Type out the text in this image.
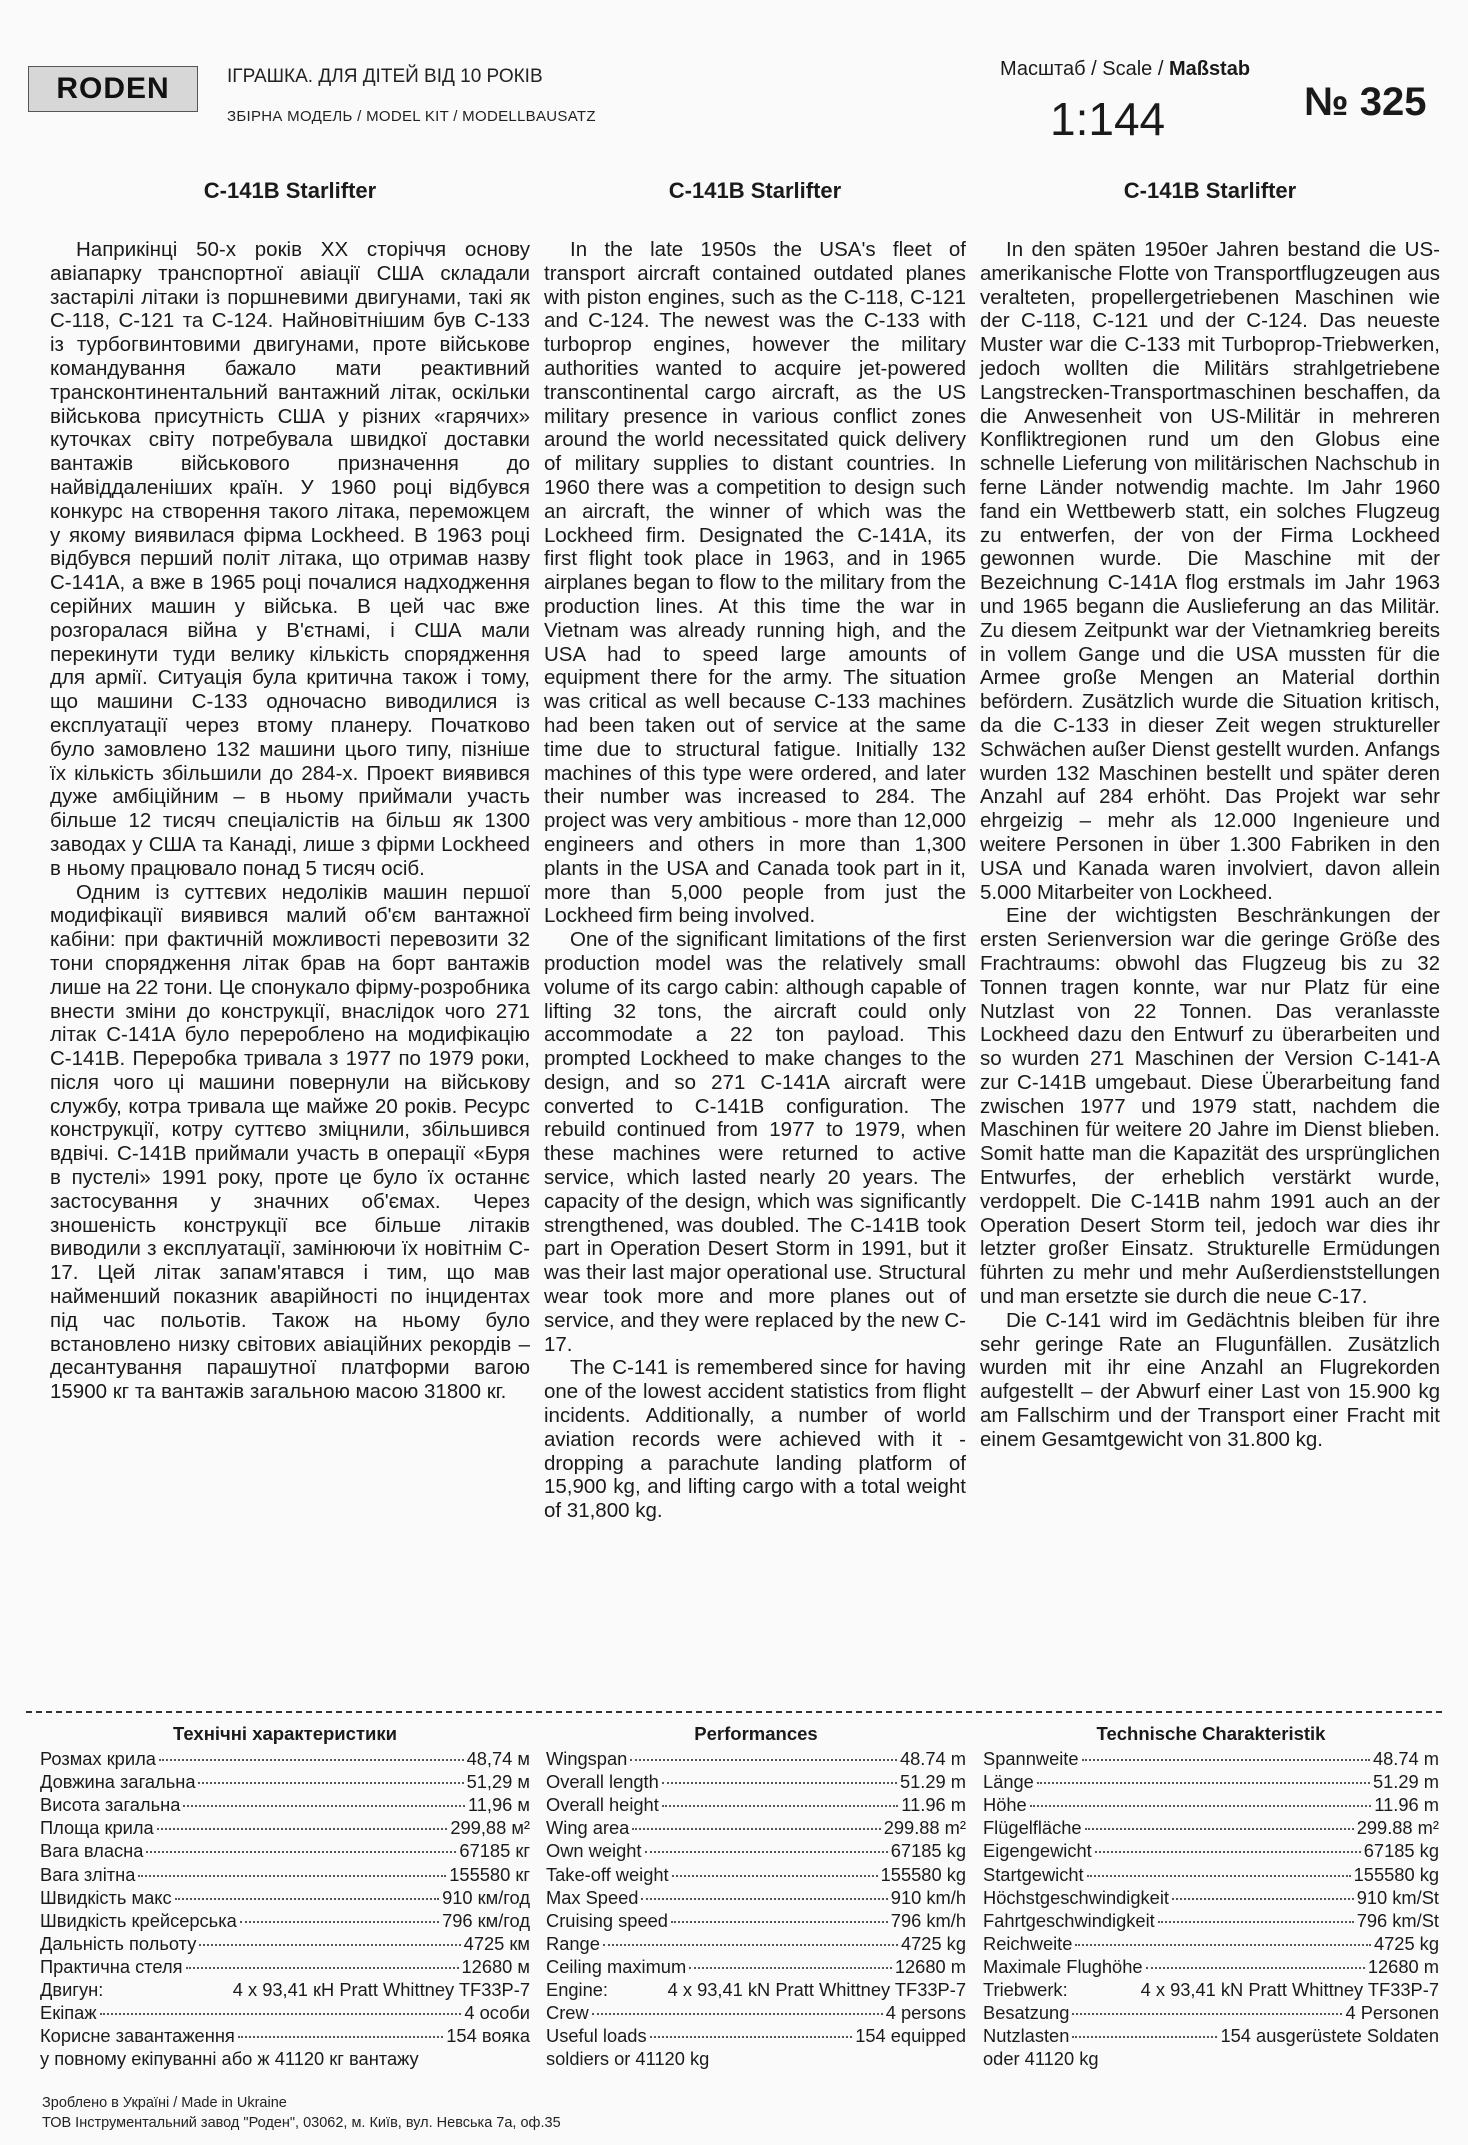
RODEN	ІГРАШКА. ДЛЯ ДІТЕЙ ВІД 10 РОКІВ
ЗБІРНА МОДЕЛЬ / MODEL KIT / MODELLBAUSATZ
Масштаб / Scale / Maßstab
1:144	№ 325
C-141B Starlifter

Наприкінці 50-х років XX сторіччя основу авіапарку транспортної авіації США складали застарілі літаки із поршневими двигунами, такі як C-118, C-121 та C-124. Найновітнішим був C-133 із турбогвинтовими двигунами, проте військове командування бажало мати реактивний трансконтинентальний вантажний літак, оскільки військова присутність США у різних «гарячих» куточках світу потребувала швидкої доставки вантажів військового призначення до найвіддаленіших країн. У 1960 році відбувся конкурс на створення такого літака, переможцем у якому виявилася фірма Lockheed. В 1963 році відбувся перший політ літака, що отримав назву C-141A, а вже в 1965 році почалися надходження серійних машин у війська. В цей час вже розгоралася війна у В'єтнамі, і США мали перекинути туди велику кількість спорядження для армії. Ситуація була критична також і тому, що машини C-133 одночасно виводилися із експлуатації через втому планеру. Початково було замовлено 132 машини цього типу, пізніше їх кількість збільшили до 284-х. Проект виявився дуже амбіційним – в ньому приймали участь більше 12 тисяч спеціалістів на більш як 1300 заводах у США та Канаді, лише з фірми Lockheed в ньому працювало понад 5 тисяч осіб.

Одним із суттєвих недоліків машин першої модифікації виявився малий об'єм вантажної кабіни: при фактичній можливості перевозити 32 тони спорядження літак брав на борт вантажів лише на 22 тони. Це спонукало фірму-розробника внести зміни до конструкції, внаслідок чого 271 літак C-141A було перероблено на модифікацію C-141B. Переробка тривала з 1977 по 1979 роки, після чого ці машини повернули на військову службу, котра тривала ще майже 20 років. Ресурс конструкції, котру суттєво зміцнили, збільшився вдвічі. C-141B приймали участь в операції «Буря в пустелі» 1991 року, проте це було їх останнє застосування у значних об'ємах. Через зношеність конструкції все більше літаків виводили з експлуатації, замінюючи їх новітнім C-17. Цей літак запам'ятався і тим, що мав найменший показник аварійності по інцидентах під час польотів. Також на ньому було встановлено низку світових авіаційних рекордів – десантування парашутної платформи вагою 15900 кг та вантажів загальною масою 31800 кг.

C-141B Starlifter

In the late 1950s the USA's fleet of transport aircraft contained outdated planes with piston engines, such as the C-118, C-121 and C-124. The newest was the C-133 with turboprop engines, however the military authorities wanted to acquire jet-powered transcontinental cargo aircraft, as the US military presence in various conflict zones around the world necessitated quick delivery of military supplies to distant countries. In 1960 there was a competition to design such an aircraft, the winner of which was the Lockheed firm. Designated the C-141A, its first flight took place in 1963, and in 1965 airplanes began to flow to the military from the production lines. At this time the war in Vietnam was already running high, and the USA had to speed large amounts of equipment there for the army. The situation was critical as well because C-133 machines had been taken out of service at the same time due to structural fatigue. Initially 132 machines of this type were ordered, and later their number was increased to 284. The project was very ambitious - more than 12,000 engineers and others in more than 1,300 plants in the USA and Canada took part in it, more than 5,000 people from just the Lockheed firm being involved.

One of the significant limitations of the first production model was the relatively small volume of its cargo cabin: although capable of lifting 32 tons, the aircraft could only accommodate a 22 ton payload. This prompted Lockheed to make changes to the design, and so 271 C-141A aircraft were converted to C-141B configuration. The rebuild continued from 1977 to 1979, when these machines were returned to active service, which lasted nearly 20 years. The capacity of the design, which was significantly strengthened, was doubled. The C-141B took part in Operation Desert Storm in 1991, but it was their last major operational use. Structural wear took more and more planes out of service, and they were replaced by the new C-17.

The C-141 is remembered since for having one of the lowest accident statistics from flight incidents. Additionally, a number of world aviation records were achieved with it - dropping a parachute landing platform of 15,900 kg, and lifting cargo with a total weight of 31,800 kg.

C-141B Starlifter

In den späten 1950er Jahren bestand die US-amerikanische Flotte von Transportflugzeugen aus veralteten, propellergetriebenen Maschinen wie der C-118, C-121 und der C-124. Das neueste Muster war die C-133 mit Turboprop-Triebwerken, jedoch wollten die Militärs strahlgetriebene Langstrecken-Transportmaschinen beschaffen, da die Anwesenheit von US-Militär in mehreren Konfliktregionen rund um den Globus eine schnelle Lieferung von militärischen Nachschub in ferne Länder notwendig machte. Im Jahr 1960 fand ein Wettbewerb statt, ein solches Flugzeug zu entwerfen, der von der Firma Lockheed gewonnen wurde. Die Maschine mit der Bezeichnung C-141A flog erstmals im Jahr 1963 und 1965 begann die Auslieferung an das Militär. Zu diesem Zeitpunkt war der Vietnamkrieg bereits in vollem Gange und die USA mussten für die Armee große Mengen an Material dorthin befördern. Zusätzlich wurde die Situation kritisch, da die C-133 in dieser Zeit wegen struktureller Schwächen außer Dienst gestellt wurden. Anfangs wurden 132 Maschinen bestellt und später deren Anzahl auf 284 erhöht. Das Projekt war sehr ehrgeizig – mehr als 12.000 Ingenieure und weitere Personen in über 1.300 Fabriken in den USA und Kanada waren involviert, davon allein 5.000 Mitarbeiter von Lockheed.

Eine der wichtigsten Beschränkungen der ersten Serienversion war die geringe Größe des Frachtraums: obwohl das Flugzeug bis zu 32 Tonnen tragen konnte, war nur Platz für eine Nutzlast von 22 Tonnen. Das veranlasste Lockheed dazu den Entwurf zu überarbeiten und so wurden 271 Maschinen der Version C-141-A zur C-141B umgebaut. Diese Überarbeitung fand zwischen 1977 und 1979 statt, nachdem die Maschinen für weitere 20 Jahre im Dienst blieben. Somit hatte man die Kapazität des ursprünglichen Entwurfes, der erheblich verstärkt wurde, verdoppelt. Die C-141B nahm 1991 auch an der Operation Desert Storm teil, jedoch war dies ihr letzter großer Einsatz. Strukturelle Ermüdungen führten zu mehr und mehr Außerdienststellungen und man ersetzte sie durch die neue C-17.

Die C-141 wird im Gedächtnis bleiben für ihre sehr geringe Rate an Flugunfällen. Zusätzlich wurden mit ihr eine Anzahl an Flugrekorden aufgestellt – der Abwurf einer Last von 15.900 kg am Fallschirm und der Transport einer Fracht mit einem Gesamtgewicht von 31.800 kg.

Технічні характеристики
Розмах крила	48,74 м
Довжина загальна	51,29 м
Висота загальна	11,96 м
Площа крила	299,88 м²
Вага власна	67185 кг
Вага злітна	155580 кг
Швидкість макс	910 км/год
Швидкість крейсерська	796 км/год
Дальність польоту	4725 км
Практична стеля	12680 м
Двигун:	4 х 93,41 кН Pratt Whittney TF33P-7
Екіпаж	4 особи
Корисне завантаження	154 вояка
у повному екіпуванні або ж 41120 кг вантажу
Performances
Wingspan	48.74 m
Overall length	51.29 m
Overall height	11.96 m
Wing area	299.88 m²
Own weight	67185 kg
Take-off weight	155580 kg
Max Speed	910 km/h
Cruising speed	796 km/h
Range	4725 kg
Ceiling maximum	12680 m
Engine:	4 x 93,41 kN Pratt Whittney TF33P-7
Crew	4 persons
Useful loads	154 equipped
soldiers or 41120 kg
Technische Charakteristik
Spannweite	48.74 m
Länge	51.29 m
Höhe	11.96 m
Flügelfläche	299.88 m²
Eigengewicht	67185 kg
Startgewicht	155580 kg
Höchstgeschwindigkeit	910 km/St
Fahrtgeschwindigkeit	796 km/St
Reichweite	4725 kg
Maximale Flughöhe	12680 m
Triebwerk:	4 x 93,41 kN Pratt Whittney TF33P-7
Besatzung	4 Personen
Nutzlasten	154 ausgerüstete Soldaten
oder 41120 kg
Зроблено в Україні / Made in Ukraine
ТОВ Інструментальний завод "Роден", 03062, м. Київ, вул. Невська 7а, оф.35
